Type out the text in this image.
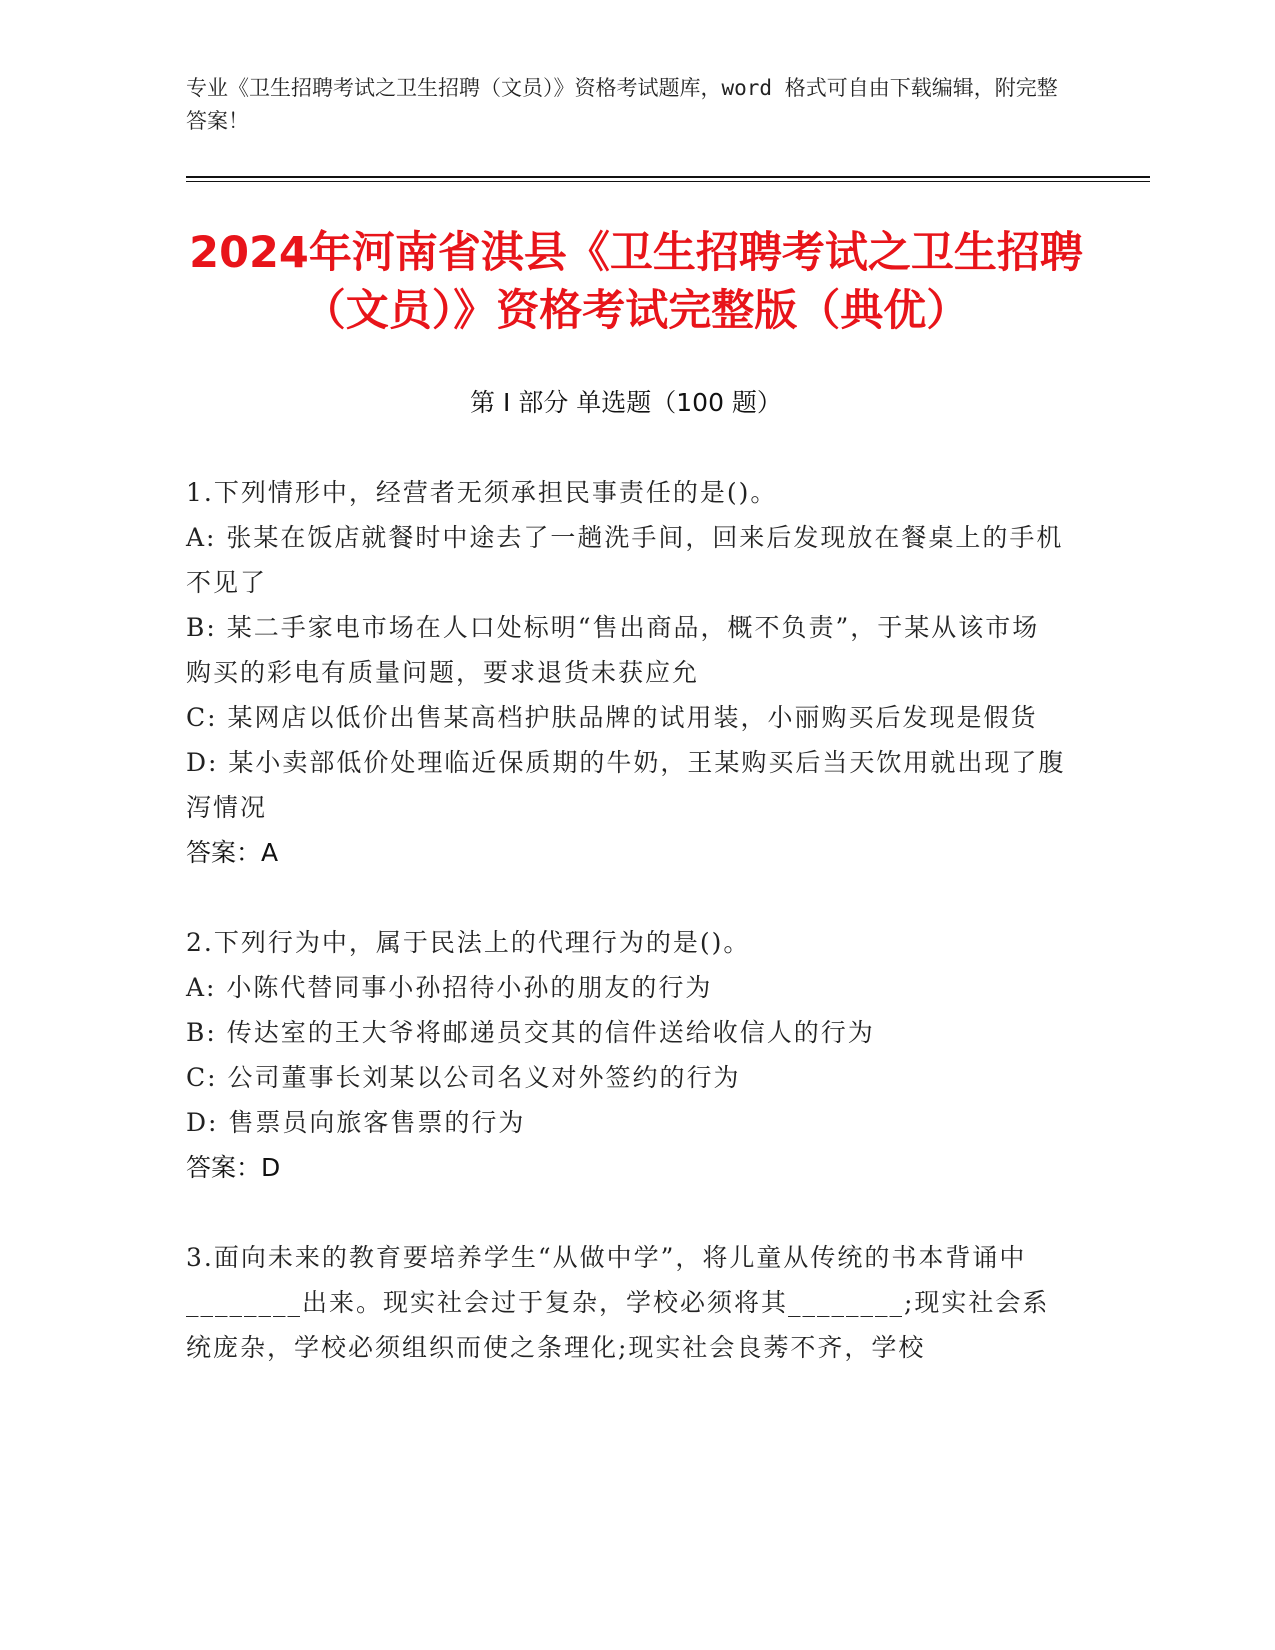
专业《卫生招聘考试之卫生招聘（文员）》资格考试题库，word 格式可自由下载编辑，附完整答案！
2024年河南省淇县《卫生招聘考试之卫生招聘（文员）》资格考试完整版（典优）
第 I 部分 单选题（100 题）

1.下列情形中，经营者无须承担民事责任的是()。

A: 张某在饭店就餐时中途去了一趟洗手间，回来后发现放在餐桌上的手机不见了

B: 某二手家电市场在人口处标明“售出商品，概不负责”，于某从该市场购买的彩电有质量问题，要求退货未获应允

C: 某网店以低价出售某高档护肤品牌的试用装，小丽购买后发现是假货

D: 某小卖部低价处理临近保质期的牛奶，王某购买后当天饮用就出现了腹泻情况

答案：A

2.下列行为中，属于民法上的代理行为的是()。

A: 小陈代替同事小孙招待小孙的朋友的行为

B: 传达室的王大爷将邮递员交其的信件送给收信人的行为

C: 公司董事长刘某以公司名义对外签约的行为

D: 售票员向旅客售票的行为

答案：D

3.面向未来的教育要培养学生“从做中学”，将儿童从传统的书本背诵中________出来。现实社会过于复杂，学校必须将其________;现实社会系统庞杂，学校必须组织而使之条理化;现实社会良莠不齐，学校
